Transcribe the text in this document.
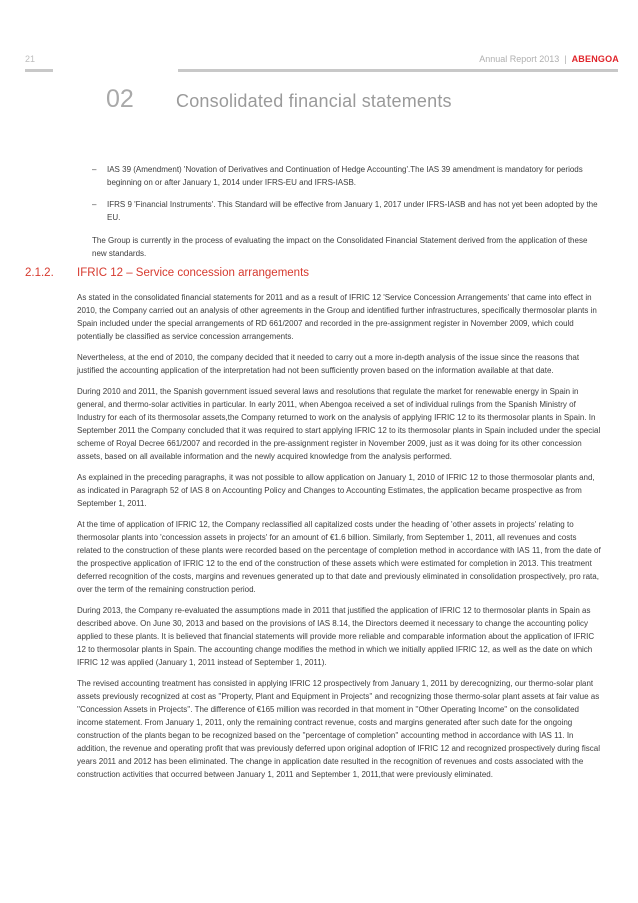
21	Annual Report 2013 | ABENGOA
02 Consolidated financial statements
– IAS 39 (Amendment) 'Novation of Derivatives and Continuation of Hedge Accounting'.The IAS 39 amendment is mandatory for periods beginning on or after January 1, 2014 under IFRS-EU and IFRS-IASB.
– IFRS 9 'Financial Instruments'. This Standard will be effective from January 1, 2017 under IFRS-IASB and has not yet been adopted by the EU.
The Group is currently in the process of evaluating the impact on the Consolidated Financial Statement derived from the application of these new standards.
2.1.2. IFRIC 12 – Service concession arrangements

As stated in the consolidated financial statements for 2011 and as a result of IFRIC 12 'Service Concession Arrangements' that came into effect in 2010, the Company carried out an analysis of other agreements in the Group and identified further infrastructures, specifically thermosolar plants in Spain included under the special arrangements of RD 661/2007 and recorded in the pre-assignment register in November 2009, which could potentially be classified as service concession arrangements.

Nevertheless, at the end of 2010, the company decided that it needed to carry out a more in-depth analysis of the issue since the reasons that justified the accounting application of the interpretation had not been sufficiently proven based on the information available at that date.

During 2010 and 2011, the Spanish government issued several laws and resolutions that regulate the market for renewable energy in Spain in general, and thermo-solar activities in particular. In early 2011, when Abengoa received a set of individual rulings from the Spanish Ministry of Industry for each of its thermosolar assets,the Company returned to work on the analysis of applying IFRIC 12 to its thermosolar plants in Spain. In September 2011 the Company concluded that it was required to start applying IFRIC 12 to its thermosolar plants in Spain included under the special scheme of Royal Decree 661/2007 and recorded in the pre-assignment register in November 2009, just as it was doing for its other concession assets, based on all available information and the newly acquired knowledge from the analysis performed.

As explained in the preceding paragraphs, it was not possible to allow application on January 1, 2010 of IFRIC 12 to those thermosolar plants and, as indicated in Paragraph 52 of IAS 8 on Accounting Policy and Changes to Accounting Estimates, the application became prospective as from September 1, 2011.

At the time of application of IFRIC 12, the Company reclassified all capitalized costs under the heading of 'other assets in projects' relating to thermosolar plants into 'concession assets in projects' for an amount of €1.6 billion. Similarly, from September 1, 2011, all revenues and costs related to the construction of these plants were recorded based on the percentage of completion method in accordance with IAS 11, from the date of the prospective application of IFRIC 12 to the end of the construction of these assets which were estimated for completion in 2013. This treatment deferred recognition of the costs, margins and revenues generated up to that date and previously eliminated in consolidation prospectively, pro rata, over the term of the remaining construction period.

During 2013, the Company re-evaluated the assumptions made in 2011 that justified the application of IFRIC 12 to thermosolar plants in Spain as described above. On June 30, 2013 and based on the provisions of IAS 8.14, the Directors deemed it necessary to change the accounting policy applied to these plants. It is believed that financial statements will provide more reliable and comparable information about the application of IFRIC 12 to thermosolar plants in Spain. The accounting change modifies the method in which we initially applied IFRIC 12, as well as the date on which IFRIC 12 was applied (January 1, 2011 instead of September 1, 2011).

The revised accounting treatment has consisted in applying IFRIC 12 prospectively from January 1, 2011 by derecognizing, our thermo-solar plant assets previously recognized at cost as ''Property, Plant and Equipment in Projects'' and recognizing those thermo-solar plant assets at fair value as ''Concession Assets in Projects''. The difference of €165 million was recorded in that moment in ''Other Operating Income'' on the consolidated income statement. From January 1, 2011, only the remaining contract revenue, costs and margins generated after such date for the ongoing construction of the plants began to be recognized based on the ''percentage of completion'' accounting method in accordance with IAS 11. In addition, the revenue and operating profit that was previously deferred upon original adoption of IFRIC 12 and recognized prospectively during fiscal years 2011 and 2012 has been eliminated. The change in application date resulted in the recognition of revenues and costs associated with the construction activities that occurred between January 1, 2011 and September 1, 2011,that were previously eliminated.
